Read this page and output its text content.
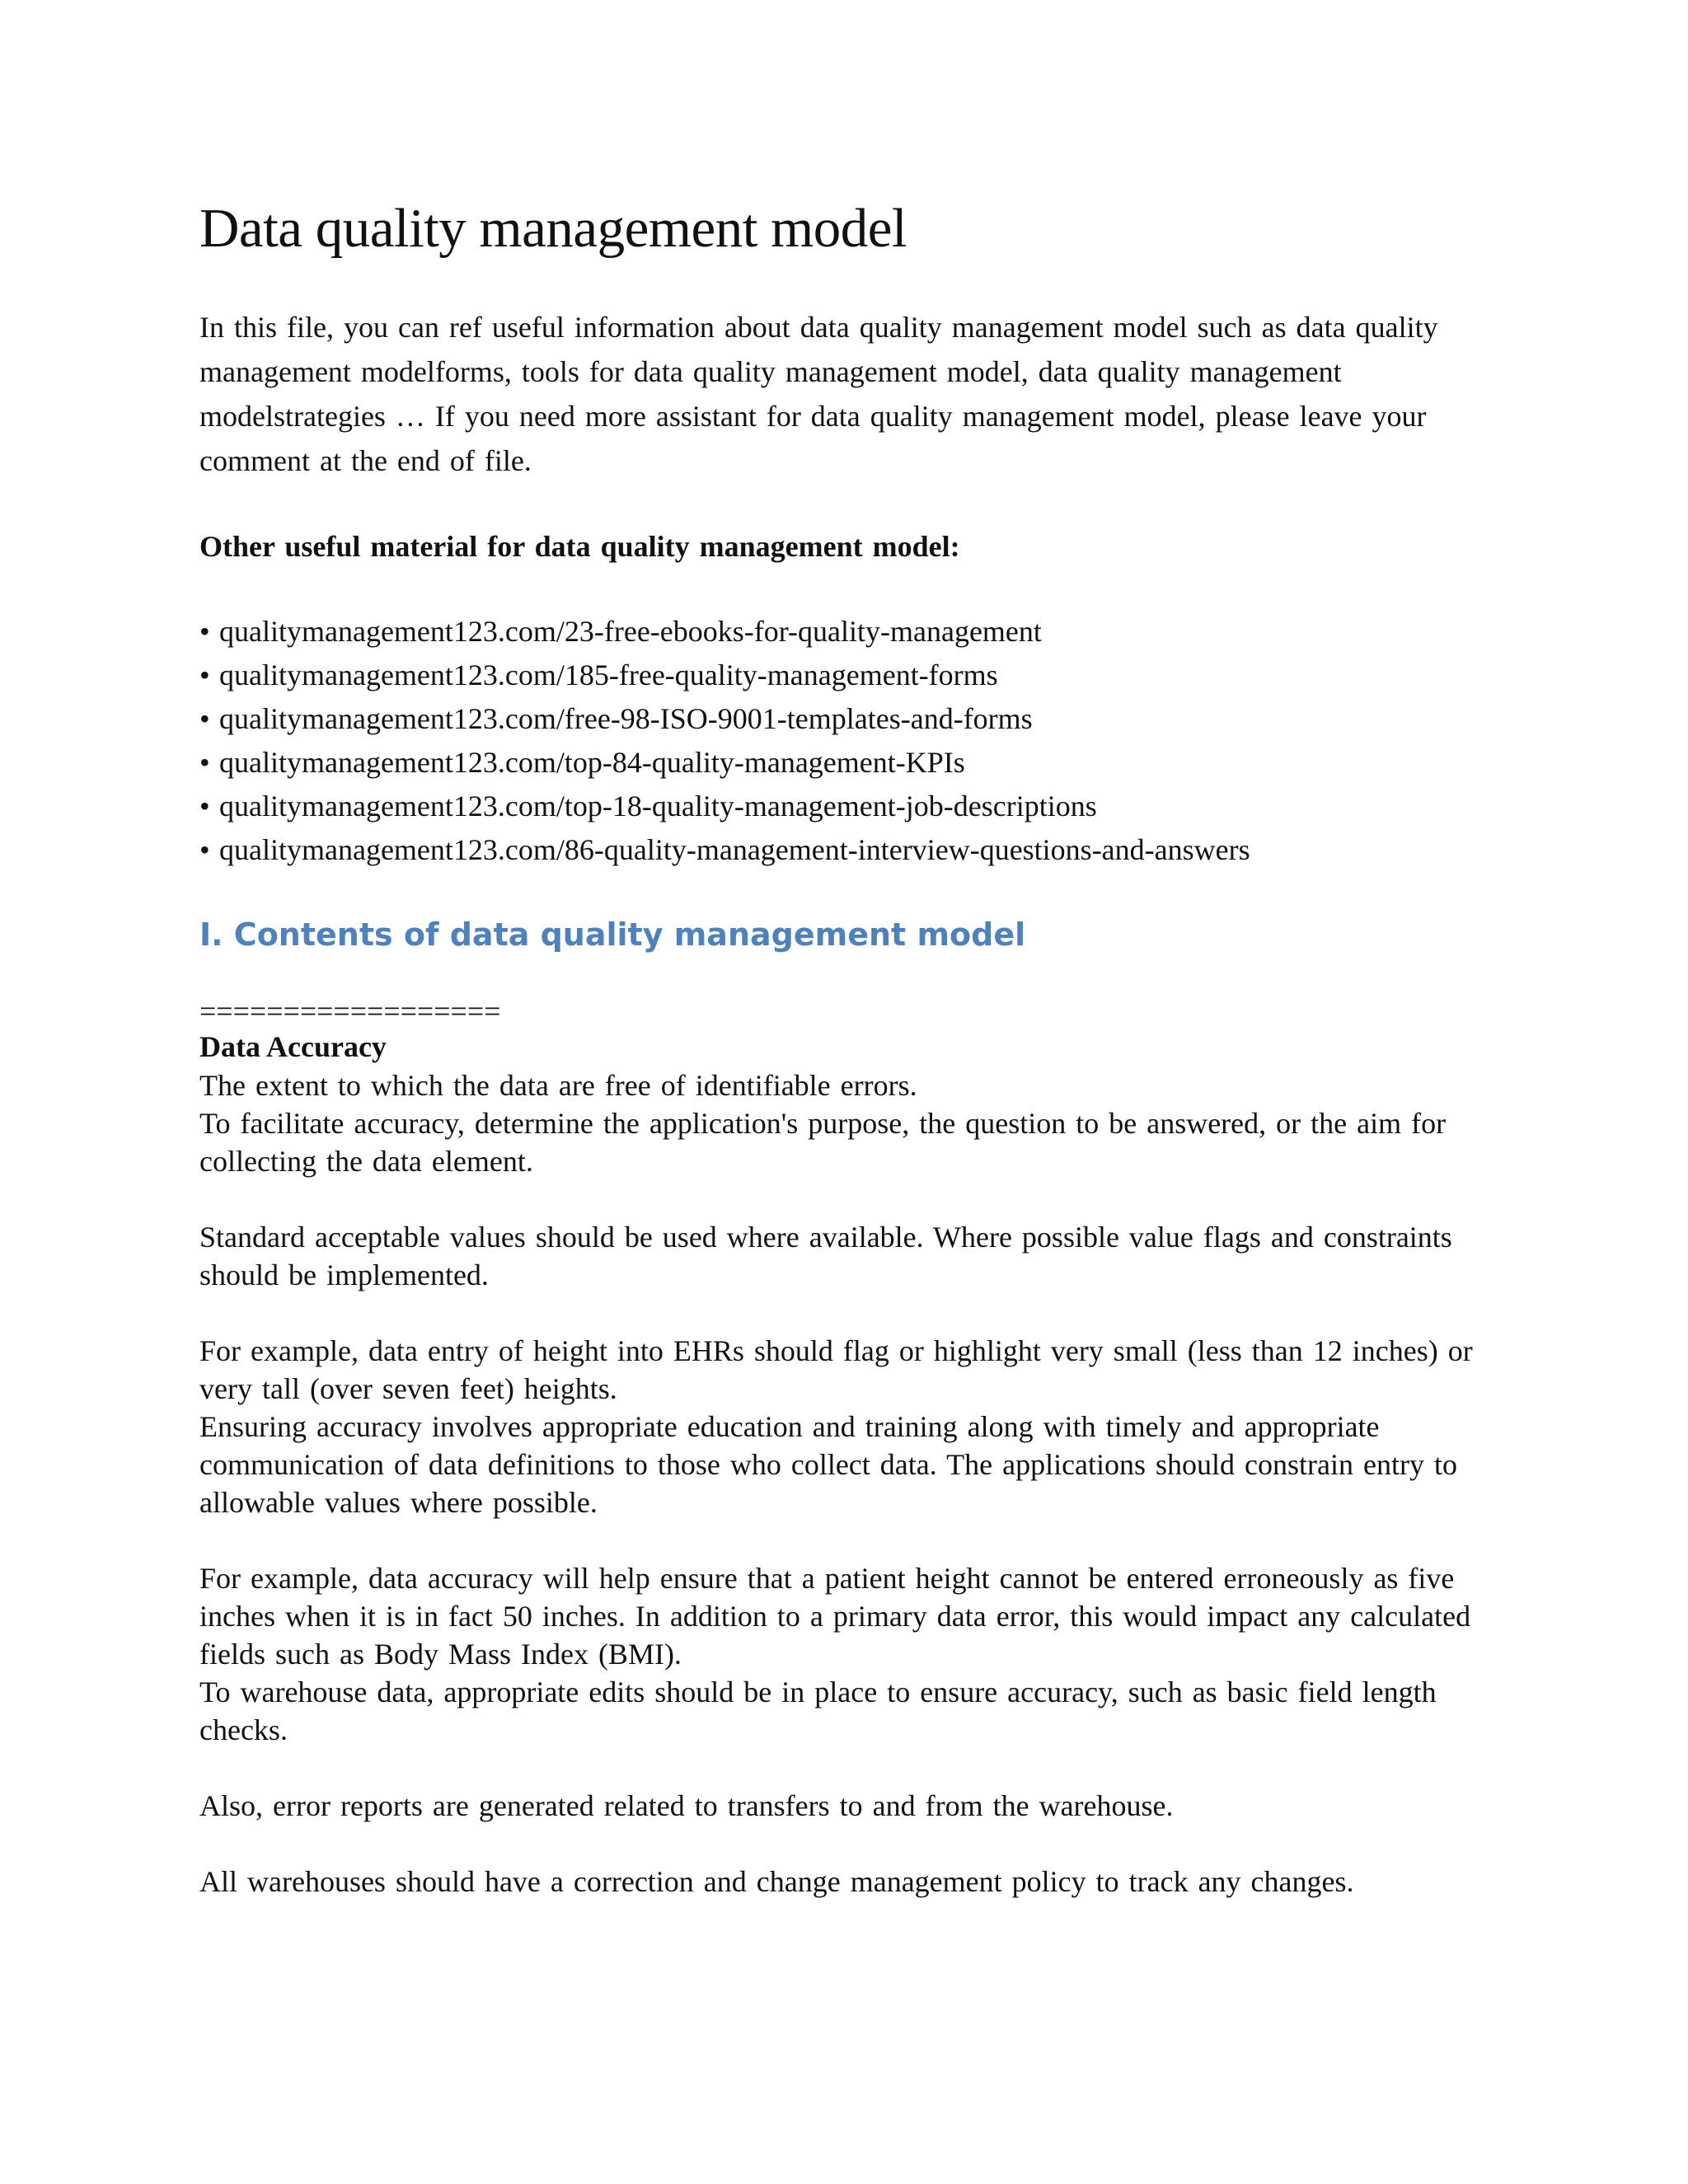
Data quality management model
In this file, you can ref useful information about data quality management model such as data quality management modelforms, tools for data quality management model, data quality management modelstrategies … If you need more assistant for data quality management model, please leave your comment at the end of file.
Other useful material for data quality management model:
• qualitymanagement123.com/23-free-ebooks-for-quality-management
• qualitymanagement123.com/185-free-quality-management-forms
• qualitymanagement123.com/free-98-ISO-9001-templates-and-forms
• qualitymanagement123.com/top-84-quality-management-KPIs
• qualitymanagement123.com/top-18-quality-management-job-descriptions
• qualitymanagement123.com/86-quality-management-interview-questions-and-answers
I. Contents of data quality management model
==================
Data Accuracy

The extent to which the data are free of identifiable errors.

To facilitate accuracy, determine the application's purpose, the question to be answered, or the aim for collecting the data element.

Standard acceptable values should be used where available. Where possible value flags and constraints should be implemented.

For example, data entry of height into EHRs should flag or highlight very small (less than 12 inches) or very tall (over seven feet) heights.

Ensuring accuracy involves appropriate education and training along with timely and appropriate communication of data definitions to those who collect data. The applications should constrain entry to allowable values where possible.

For example, data accuracy will help ensure that a patient height cannot be entered erroneously as five inches when it is in fact 50 inches. In addition to a primary data error, this would impact any calculated fields such as Body Mass Index (BMI).

To warehouse data, appropriate edits should be in place to ensure accuracy, such as basic field length checks.

Also, error reports are generated related to transfers to and from the warehouse.

All warehouses should have a correction and change management policy to track any changes.
